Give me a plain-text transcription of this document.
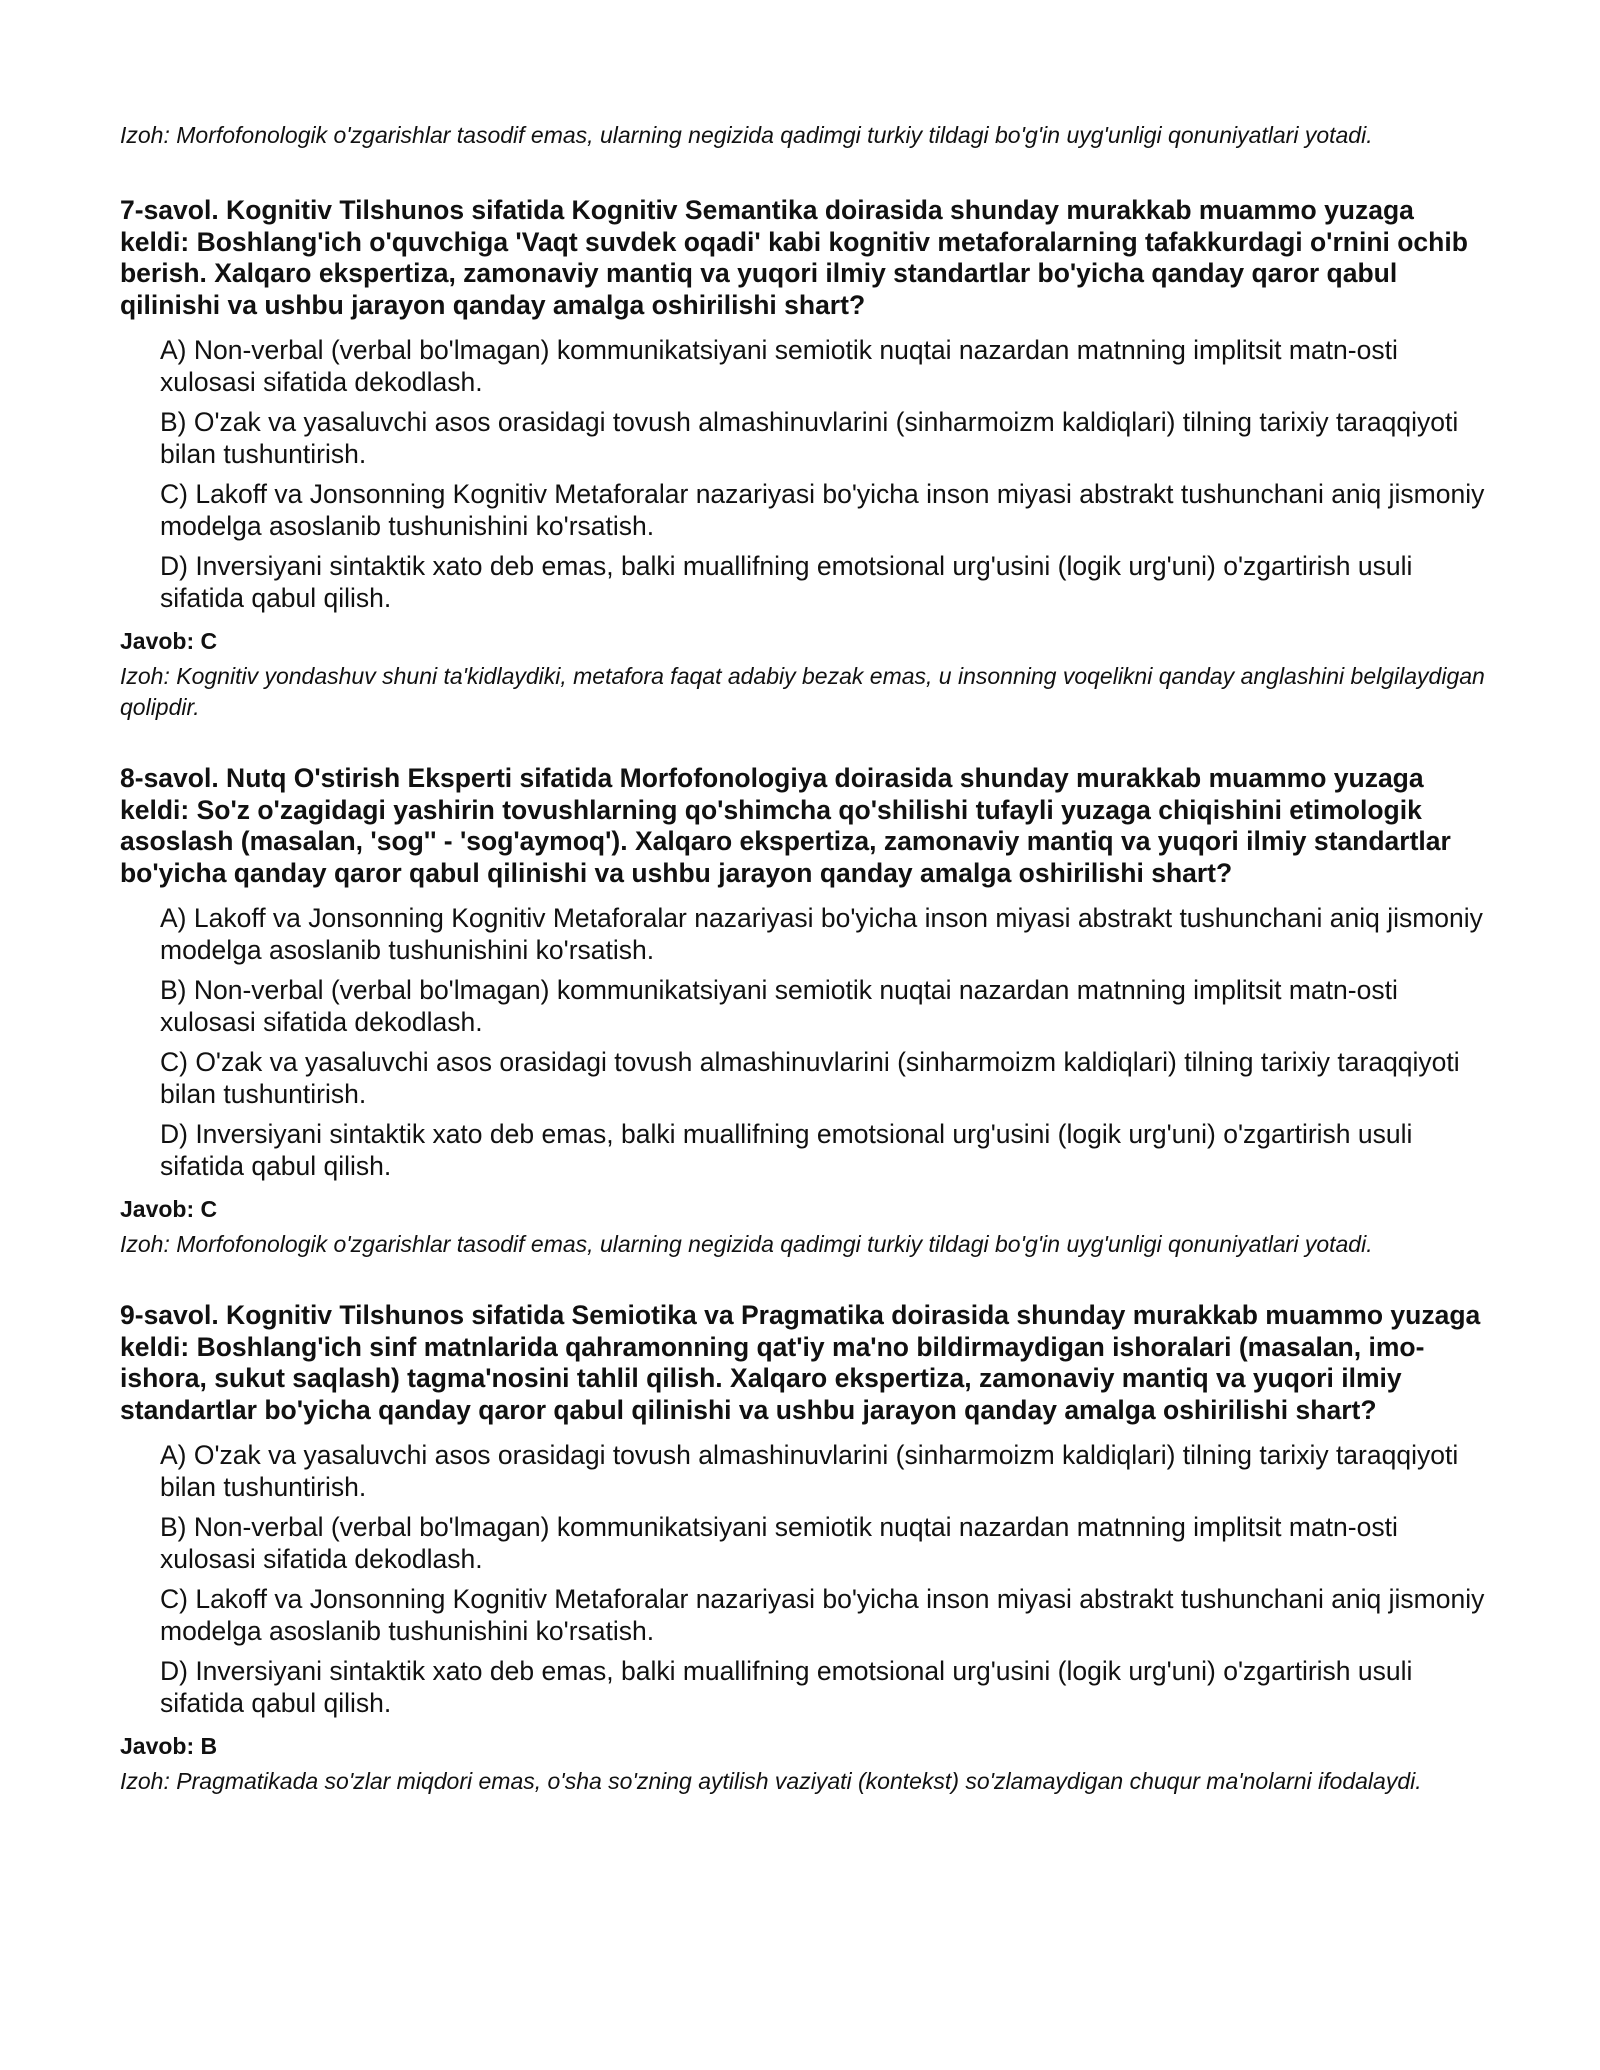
Izoh: Morfofonologik o'zgarishlar tasodif emas, ularning negizida qadimgi turkiy tildagi bo'g'in uyg'unligi qonuniyatlari yotadi.

7-savol. Kognitiv Tilshunos sifatida Kognitiv Semantika doirasida shunday murakkab muammo yuzaga keldi: Boshlang'ich o'quvchiga 'Vaqt suvdek oqadi' kabi kognitiv metaforalarning tafakkurdagi o'rnini ochib berish. Xalqaro ekspertiza, zamonaviy mantiq va yuqori ilmiy standartlar bo'yicha qanday qaror qabul qilinishi va ushbu jarayon qanday amalga oshirilishi shart?

A) Non-verbal (verbal bo'lmagan) kommunikatsiyani semiotik nuqtai nazardan matnning implitsit matn-osti xulosasi sifatida dekodlash.
B) O'zak va yasaluvchi asos orasidagi tovush almashinuvlarini (sinharmoizm kaldiqlari) tilning tarixiy taraqqiyoti bilan tushuntirish.
C) Lakoff va Jonsonning Kognitiv Metaforalar nazariyasi bo'yicha inson miyasi abstrakt tushunchani aniq jismoniy modelga asoslanib tushunishini ko'rsatish.
D) Inversiyani sintaktik xato deb emas, balki muallifning emotsional urg'usini (logik urg'uni) o'zgartirish usuli sifatida qabul qilish.

Javob: C

Izoh: Kognitiv yondashuv shuni ta'kidlaydiki, metafora faqat adabiy bezak emas, u insonning voqelikni qanday anglashini belgilaydigan qolipdir.

8-savol. Nutq O'stirish Eksperti sifatida Morfofonologiya doirasida shunday murakkab muammo yuzaga keldi: So'z o'zagidagi yashirin tovushlarning qo'shimcha qo'shilishi tufayli yuzaga chiqishini etimologik asoslash (masalan, 'sog'' - 'sog'aymoq'). Xalqaro ekspertiza, zamonaviy mantiq va yuqori ilmiy standartlar bo'yicha qanday qaror qabul qilinishi va ushbu jarayon qanday amalga oshirilishi shart?

A) Lakoff va Jonsonning Kognitiv Metaforalar nazariyasi bo'yicha inson miyasi abstrakt tushunchani aniq jismoniy modelga asoslanib tushunishini ko'rsatish.
B) Non-verbal (verbal bo'lmagan) kommunikatsiyani semiotik nuqtai nazardan matnning implitsit matn-osti xulosasi sifatida dekodlash.
C) O'zak va yasaluvchi asos orasidagi tovush almashinuvlarini (sinharmoizm kaldiqlari) tilning tarixiy taraqqiyoti bilan tushuntirish.
D) Inversiyani sintaktik xato deb emas, balki muallifning emotsional urg'usini (logik urg'uni) o'zgartirish usuli sifatida qabul qilish.

Javob: C

Izoh: Morfofonologik o'zgarishlar tasodif emas, ularning negizida qadimgi turkiy tildagi bo'g'in uyg'unligi qonuniyatlari yotadi.

9-savol. Kognitiv Tilshunos sifatida Semiotika va Pragmatika doirasida shunday murakkab muammo yuzaga keldi: Boshlang'ich sinf matnlarida qahramonning qat'iy ma'no bildirmaydigan ishoralari (masalan, imo-ishora, sukut saqlash) tagma'nosini tahlil qilish. Xalqaro ekspertiza, zamonaviy mantiq va yuqori ilmiy standartlar bo'yicha qanday qaror qabul qilinishi va ushbu jarayon qanday amalga oshirilishi shart?

A) O'zak va yasaluvchi asos orasidagi tovush almashinuvlarini (sinharmoizm kaldiqlari) tilning tarixiy taraqqiyoti bilan tushuntirish.
B) Non-verbal (verbal bo'lmagan) kommunikatsiyani semiotik nuqtai nazardan matnning implitsit matn-osti xulosasi sifatida dekodlash.
C) Lakoff va Jonsonning Kognitiv Metaforalar nazariyasi bo'yicha inson miyasi abstrakt tushunchani aniq jismoniy modelga asoslanib tushunishini ko'rsatish.
D) Inversiyani sintaktik xato deb emas, balki muallifning emotsional urg'usini (logik urg'uni) o'zgartirish usuli sifatida qabul qilish.

Javob: B

Izoh: Pragmatikada so'zlar miqdori emas, o'sha so'zning aytilish vaziyati (kontekst) so'zlamaydigan chuqur ma'nolarni ifodalaydi.
